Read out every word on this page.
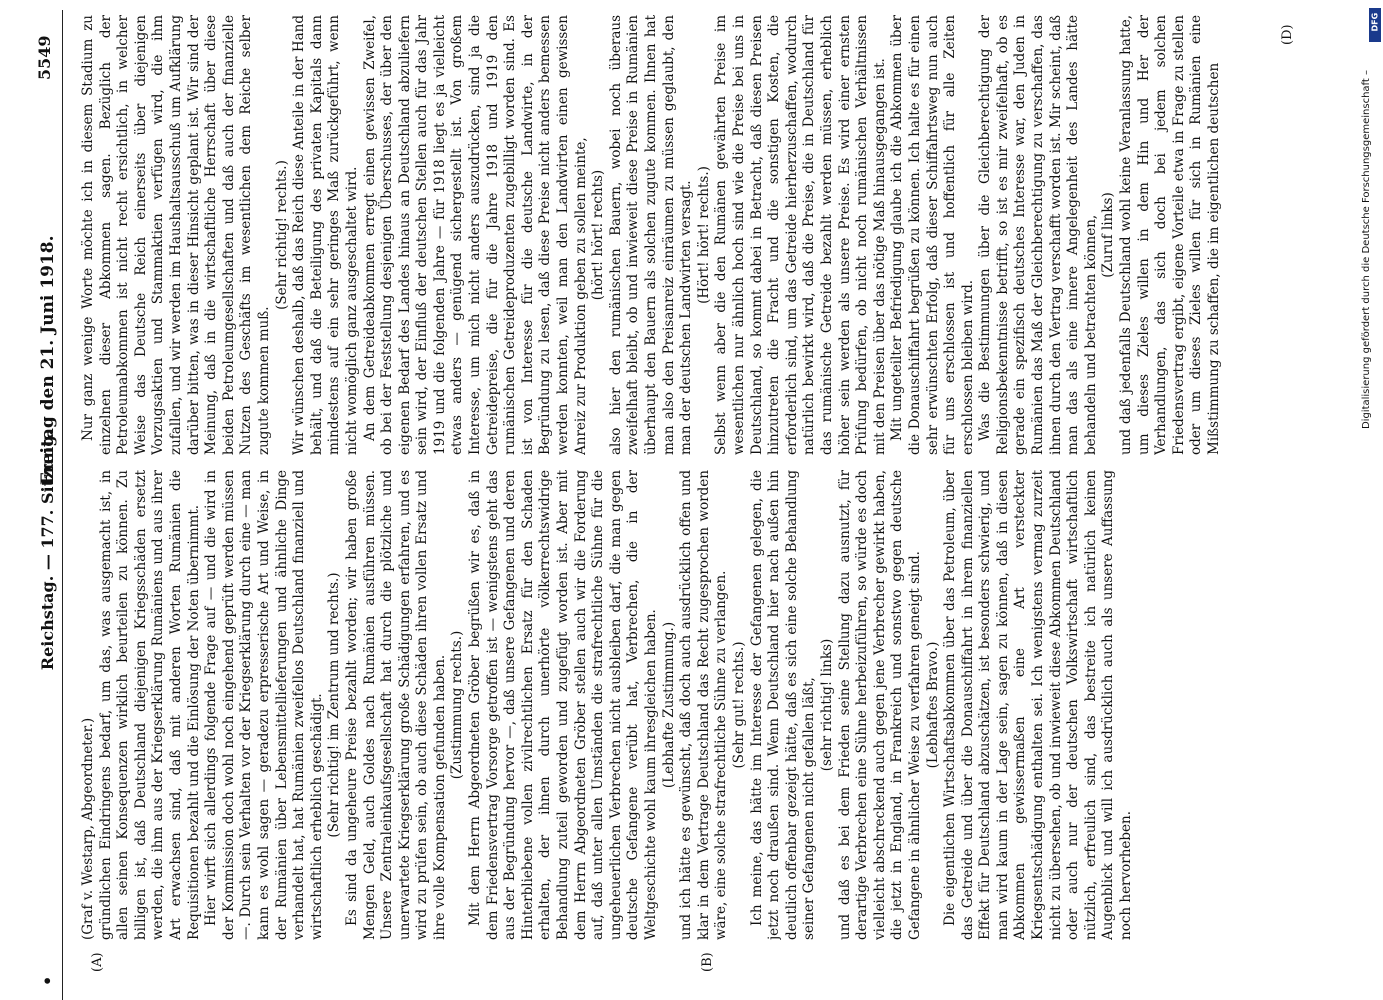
• Reichstag. — 177. Sitzung.
Freitag den 21. Juni 1918.
5549
(A)	(B)
(D)

(Graf v. Westarp, Abgeordneter.) gründlichen Eindringens bedarf, um das, was ausgemacht ist, in allen seinen Konsequenzen wirklich beurteilen zu können. Zu billigen ist, daß Deutschland diejenigen Kriegsschäden ersetzt werden, die ihm aus der Kriegserklärung Rumäniens und aus ihrer Art erwachsen sind, daß mit anderen Worten Rumänien die Requisitionen bezahlt und die Einlösung der Noten übernimmt. Hier wirft sich allerdings folgende Frage auf — und die wird in der Kommission doch wohl noch eingehend geprüft werden müssen —. Durch sein Verhalten vor der Kriegserklärung durch eine — man kann es wohl sagen — geradezu erpresserische Art und Weise, in der Rumänien über Lebensmittellieferungen und ähnliche Dinge verhandelt hat, hat Rumänien zweifellos Deutschland finanziell und wirtschaftlich erheblich geschädigt. (Sehr richtig! im Zentrum und rechts.) Es sind da ungeheure Preise bezahlt worden; wir haben große Mengen Geld, auch Goldes nach Rumänien ausführen müssen. Unsere Zentraleinkaufsgesellschaft hat durch die plötzliche und unerwartete Kriegserklärung große Schädigungen erfahren, und es wird zu prüfen sein, ob auch diese Schäden ihren vollen Ersatz und ihre volle Kompensation gefunden haben. (Zustimmung rechts.) Mit dem Herrn Abgeordneten Gröber begrüßen wir es, daß in dem Friedensvertrag Vorsorge getroffen ist — wenigstens geht das aus der Begründung hervor —, daß unsere Gefangenen und deren Hinterbliebene vollen zivilrechtlichen Ersatz für den Schaden erhalten, der ihnen durch unerhörte völkerrechtswidrige Behandlung zuteil geworden und zugefügt worden ist. Aber mit dem Herrn Abgeordneten Gröber stellen auch wir die Forderung auf, daß unter allen Umständen die strafrechtliche Sühne für die ungeheuerlichen Verbrechen nicht ausbleiben darf, die man gegen deutsche Gefangene verübt hat, Verbrechen, die in der Weltgeschichte wohl kaum ihresgleichen haben. (Lebhafte Zustimmung.) und ich hätte es gewünscht, daß doch auch ausdrücklich offen und klar in dem Vertrage Deutschland das Recht zugesprochen worden wäre, eine solche strafrechtliche Sühne zu verlangen. (Sehr gut! rechts.) Ich meine, das hätte im Interesse der Gefangenen gelegen, die jetzt noch draußen sind. Wenn Deutschland hier nach außen hin deutlich offenbar gezeigt hätte, daß es sich eine solche Behandlung seiner Gefangenen nicht gefallen läßt, (sehr richtig! links) und daß es bei dem Frieden seine Stellung dazu ausnutzt, für derartige Verbrechen eine Sühne herbeizuführen, so würde es doch vielleicht abschreckend auch gegen jene Verbrecher gewirkt haben, die jetzt in England, in Frankreich und sonstwo gegen deutsche Gefangene in ähnlicher Weise zu verfahren geneigt sind. (Lebhaftes Bravo.) Die eigentlichen Wirtschaftsabkommen über das Petroleum, über das Getreide und über die Donauschiffahrt in ihrem finanziellen Effekt für Deutschland abzuschätzen, ist besonders schwierig, und man wird kaum in der Lage sein, sagen zu können, daß in diesen Abkommen gewissermaßen eine Art versteckter Kriegsentschädigung enthalten sei. Ich wenigstens vermag zurzeit nicht zu übersehen, ob und inwieweit diese Abkommen Deutschland oder auch nur der deutschen Volkswirtschaft wirtschaftlich nützlich, erfreulich sind, das bestreite ich natürlich keinen Augenblick und will ich ausdrücklich auch als unsere Auffassung noch hervorheben.

Nur ganz wenige Worte möchte ich in diesem Stadium zu einzelnen dieser Abkommen sagen. Bezüglich der Petroleumabkommen ist nicht recht ersichtlich, in welcher Weise das Deutsche Reich einerseits über diejenigen Vorzugsaktien und Stammaktien verfügen wird, die ihm zufallen, und wir werden im Haushaltsausschuß um Aufklärung darüber bitten, was in dieser Hinsicht geplant ist. Wir sind der Meinung, daß in die wirtschaftliche Herrschaft über diese beiden Petroleumgesellschaften und daß auch der finanzielle Nutzen des Geschäfts im wesentlichen dem Reiche selber zugute kommen muß.

(Sehr richtig! rechts.) Wir wünschen deshalb, daß das Reich diese Anteile in der Hand behält, und daß die Beteiligung des privaten Kapitals dann mindestens auf ein sehr geringes Maß zurückgeführt, wenn nicht womöglich ganz ausgeschaltet wird. An dem Getreideabkommen erregt einen gewissen Zweifel, ob bei der Feststellung desjenigen Überschusses, der über den eigenen Bedarf des Landes hinaus an Deutschland abzuliefern sein wird, der Einfluß der deutschen Stellen auch für das Jahr 1919 und die folgenden Jahre — für 1918 liegt es ja vielleicht etwas anders — genügend sichergestellt ist. Von großem Interesse, um mich nicht anders auszudrücken, sind ja die Getreidepreise, die für die Jahre 1918 und 1919 den rumänischen Getreideproduzenten zugebilligt worden sind. Es ist von Interesse für die deutsche Landwirte, in der Begründung zu lesen, daß diese Preise nicht anders bemessen werden konnten, weil man den Landwirten einen gewissen Anreiz zur Produktion geben zu sollen meinte, (hört! hört! rechts) also hier den rumänischen Bauern, wobei noch überaus zweifelhaft bleibt, ob und inwieweit diese Preise in Rumänien überhaupt den Bauern als solchen zugute kommen. Ihnen hat man also den Preisanreiz einräumen zu müssen geglaubt, den man der deutschen Landwirten versagt. (Hört! hört! rechts.) Selbst wenn aber die den Rumänen gewährten Preise im wesentlichen nur ähnlich hoch sind wie die Preise bei uns in Deutschland, so kommt dabei in Betracht, daß diesen Preisen hinzutreten die Fracht und die sonstigen Kosten, die erforderlich sind, um das Getreide hierherzuschaffen, wodurch natürlich bewirkt wird, daß die Preise, die in Deutschland für das rumänische Getreide bezahlt werden müssen, erheblich höher sein werden als unsere Preise. Es wird einer ernsten Prüfung bedürfen, ob nicht noch rumänischen Verhältnissen mit den Preisen über das nötige Maß hinausgegangen ist. Mit ungeteilter Befriedigung glaube ich die Abkommen über die Donauschiffahrt begrüßen zu können. Ich halte es für einen sehr erwünschten Erfolg, daß dieser Schiffahrtsweg nun auch für uns erschlossen ist und hoffentlich für alle Zeiten erschlossen bleiben wird. Was die Bestimmungen über die Gleichberechtigung der Religionsbekenntnisse betrifft, so ist es mir zweifelhaft, ob es gerade ein spezifisch deutsches Interesse war, den Juden in Rumänien das Maß der Gleichberechtigung zu verschaffen, das ihnen durch den Vertrag verschafft worden ist. Mir scheint, daß man das als eine innere Angelegenheit des Landes hätte behandeln und betrachten können, (Zuruf links) und daß jedenfalls Deutschland wohl keine Veranlassung hatte, um dieses Zieles willen in dem Hin und Her der Verhandlungen, das sich doch bei jedem solchen Friedensvertrag ergibt, eigene Vorteile etwa in Frage zu stellen oder um dieses Zieles willen für sich in Rumänien eine Mißstimmung zu schaffen, die im eigentlichen deutschen	Digitalisierung gefördert durch die Deutsche Forschungsgemeinschaft –
DFG
